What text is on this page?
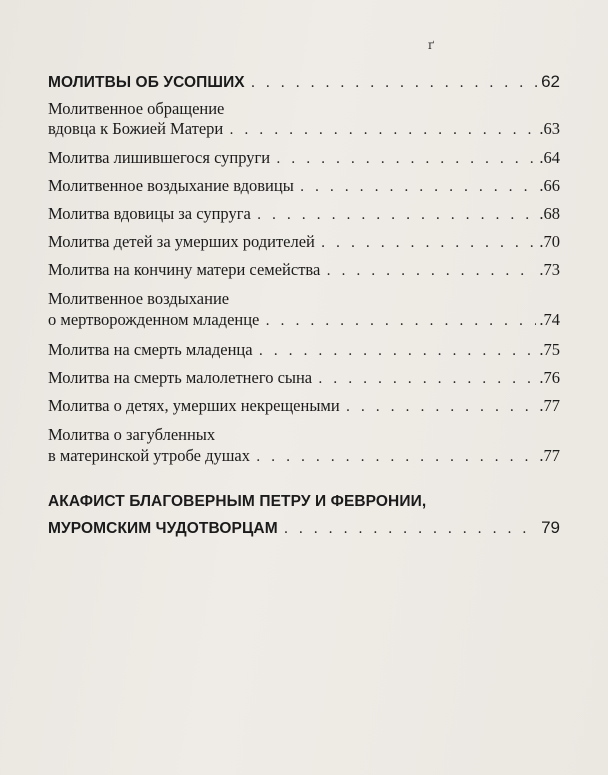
ґ
МОЛИТВЫ ОБ УСОПШИХ . . .	62
Молитвенное обращение
вдовца к Божией Матери . . .	.63
Молитва лишившегося супруги . . .	.64
Молитвенное воздыхание вдовицы . . .	.66
Молитва вдовицы за супруга . . .	.68
Молитва детей за умерших родителей . . .	.70
Молитва на кончину матери семейства . . .	.73
Молитвенное воздыхание
о мертворожденном младенце . . .	.74
Молитва на смерть младенца . . .	.75
Молитва на смерть малолетнего сына . . .	.76
Молитва о детях, умерших некрещеными . . .	.77
Молитва о загубленных
в материнской утробе душах . . .	.77
АКАФИСТ БЛАГОВЕРНЫМ ПЕТРУ И ФЕВРОНИИ,
МУРОМСКИМ ЧУДОТВОРЦАМ . . .	79
